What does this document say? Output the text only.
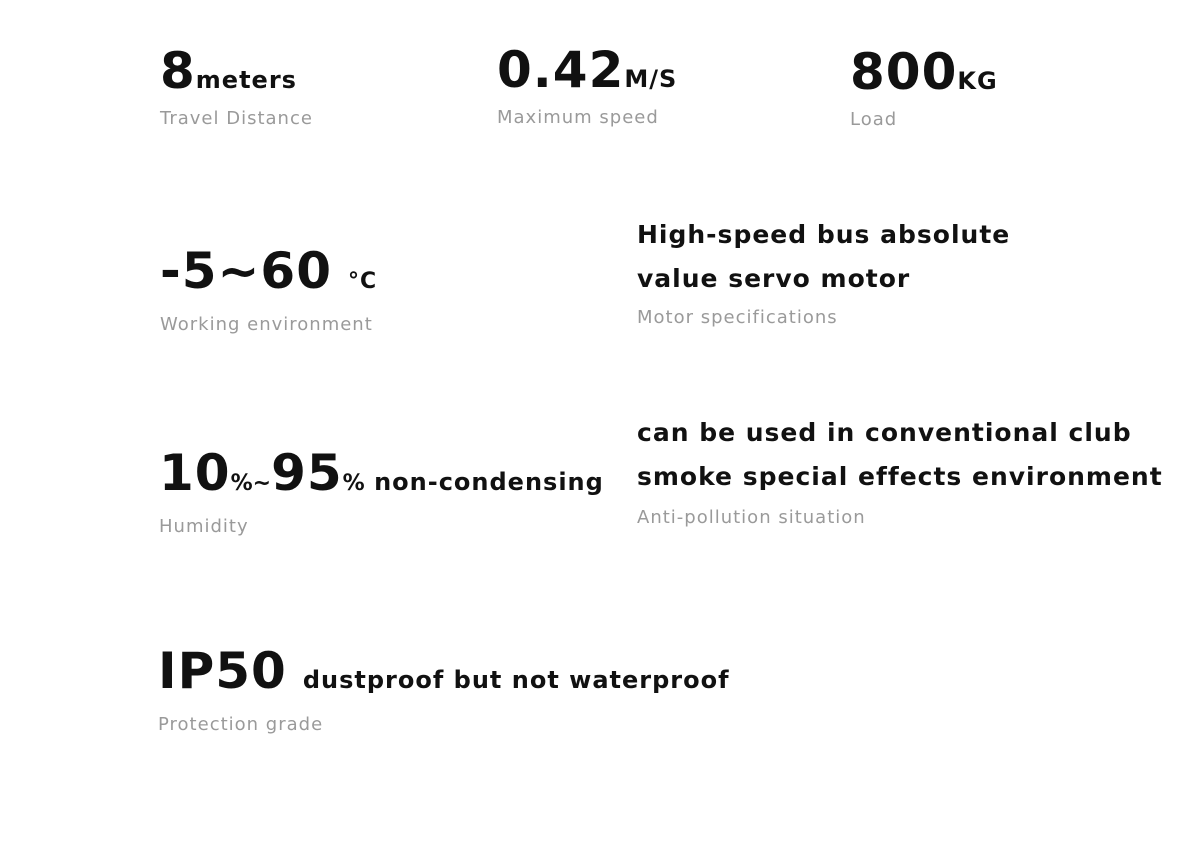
8meters
Travel Distance
0.42M/S
Maximum speed
800KG
Load
-5~60 °C
Working environment
High-speed bus absolute
value servo motor
Motor specifications
10%~95% non-condensing
Humidity
can be used in conventional club
smoke special effects environment
Anti-pollution situation
IP50 dustproof but not waterproof
Protection grade
